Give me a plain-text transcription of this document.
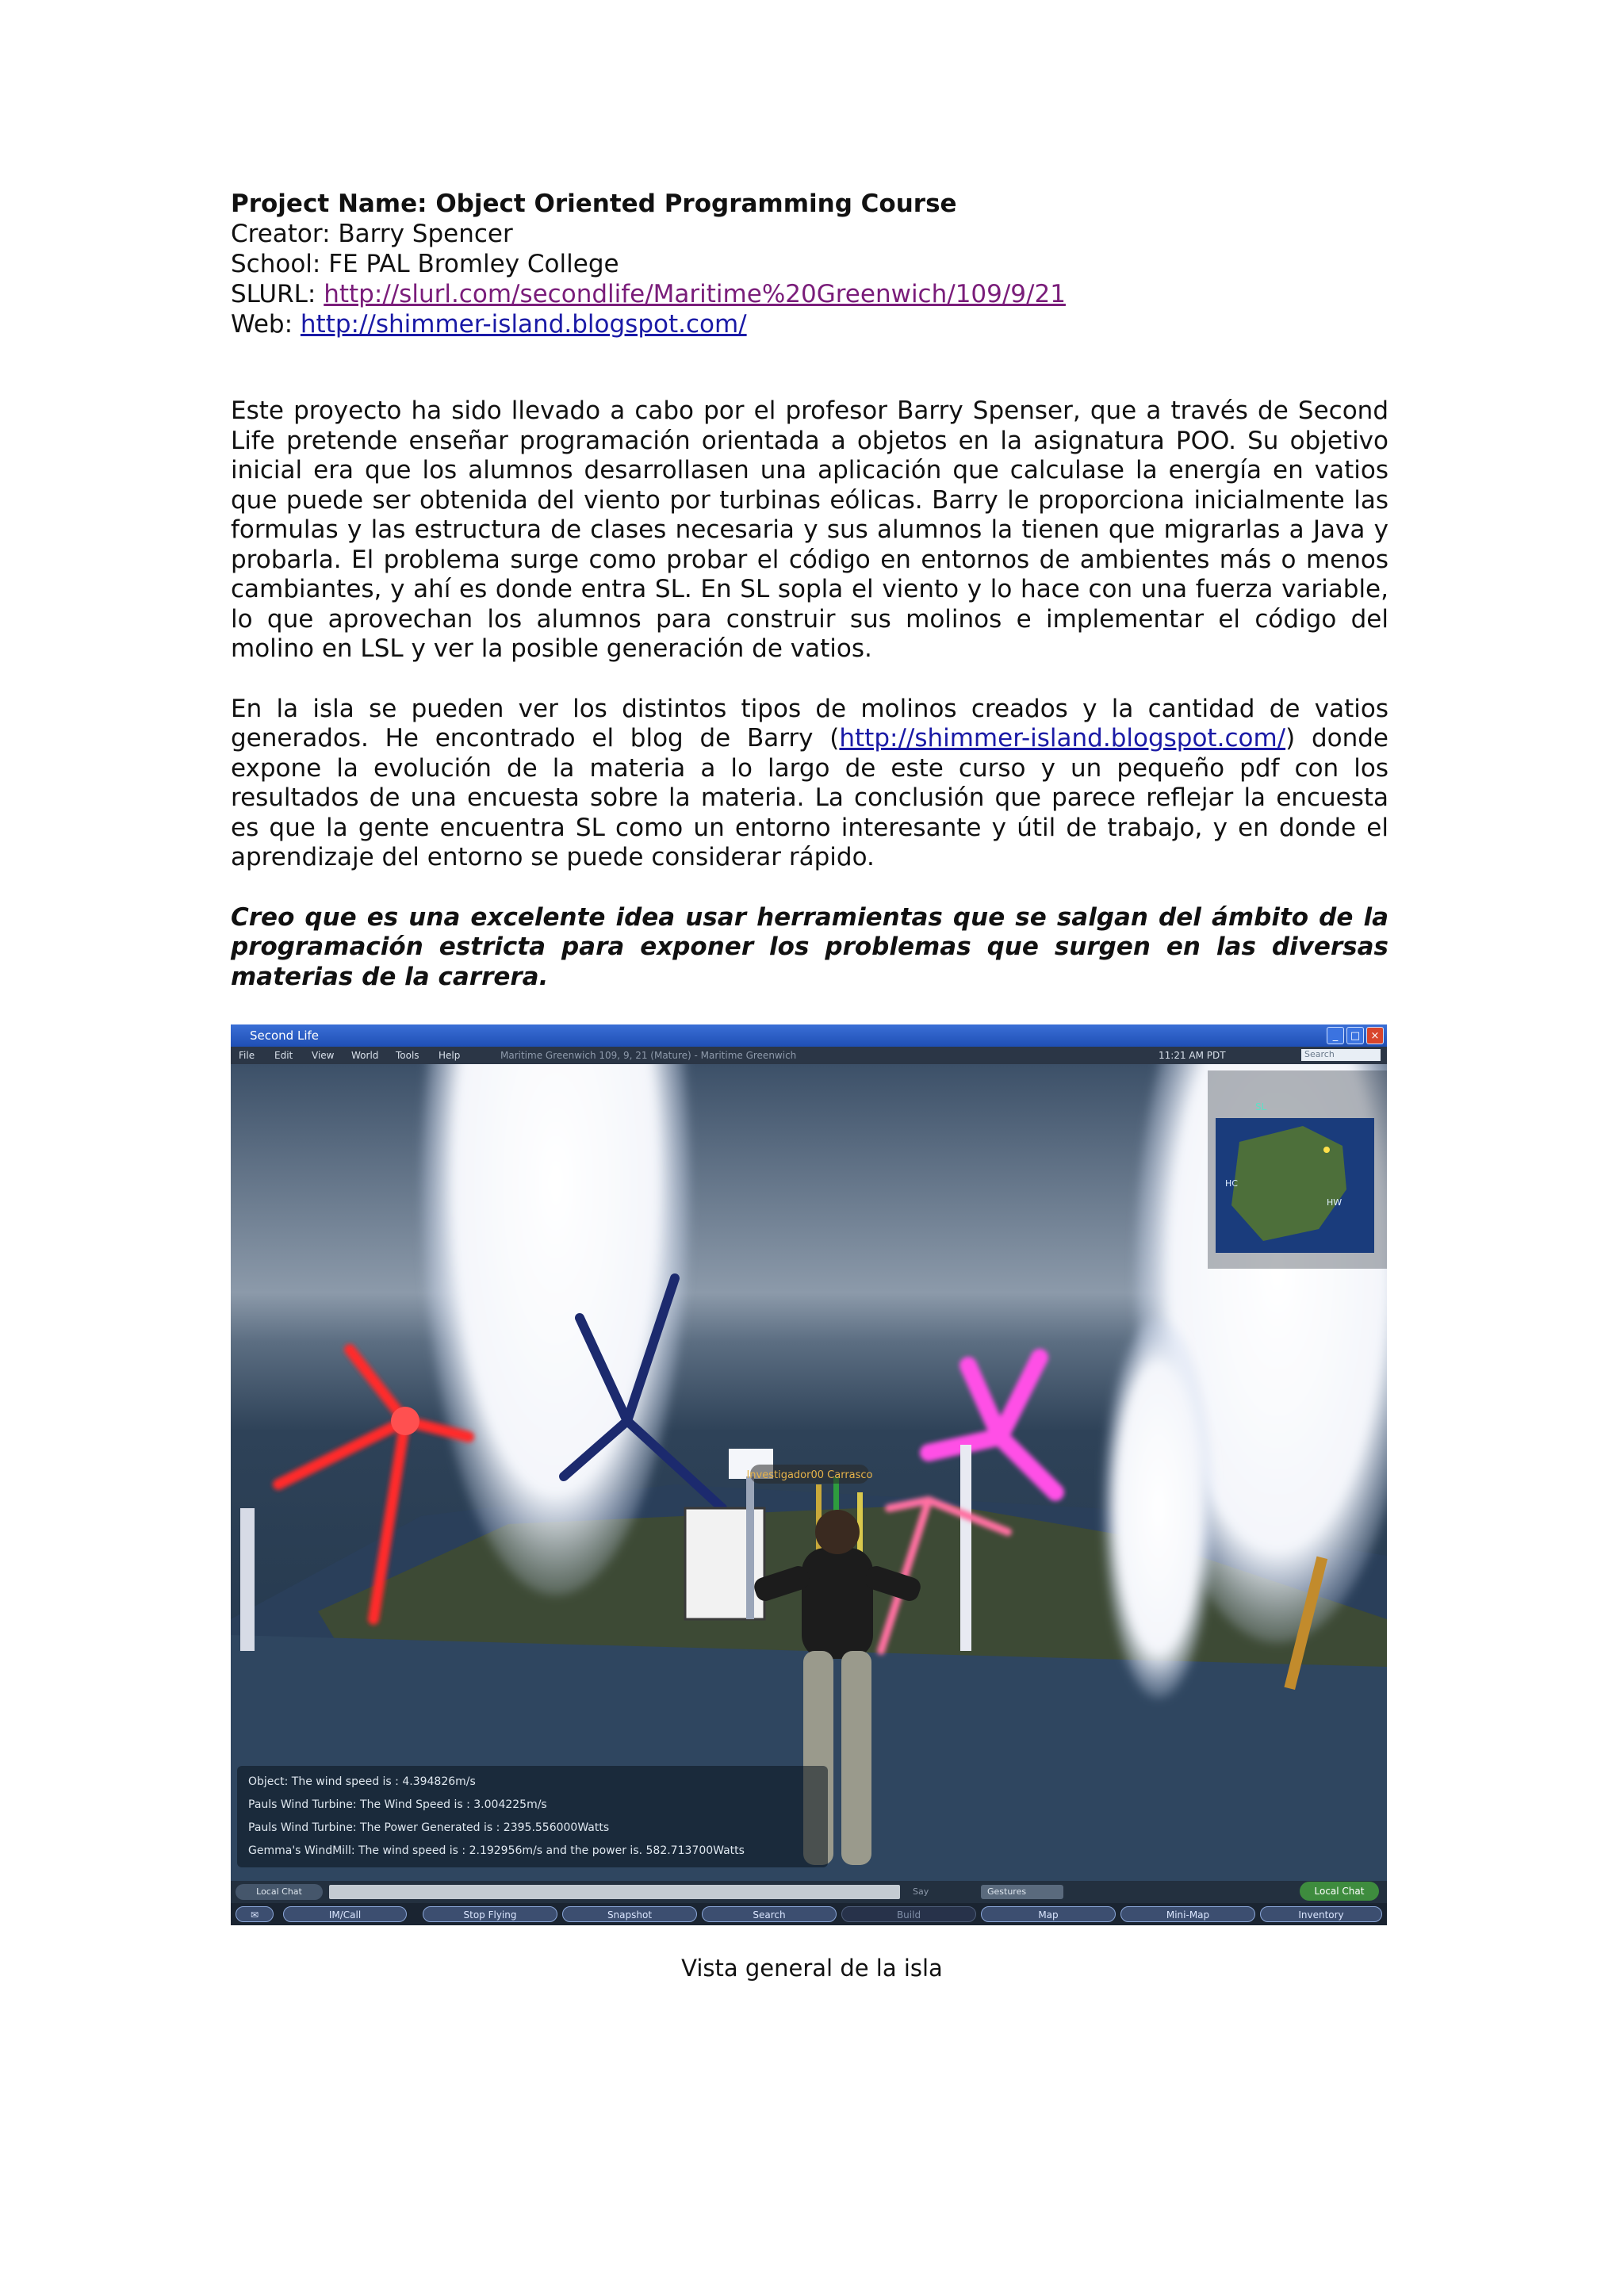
Project Name: Object Oriented Programming Course

Creator: Barry Spencer

School: FE PAL Bromley College

SLURL: http://slurl.com/secondlife/Maritime%20Greenwich/109/9/21

Web: http://shimmer-island.blogspot.com/

Este proyecto ha sido llevado a cabo por el profesor Barry Spenser, que a través de Second Life pretende enseñar programación orientada a objetos en la asignatura POO. Su objetivo inicial era que los alumnos desarrollasen una aplicación que calculase la energía en vatios que puede ser obtenida del viento por turbinas eólicas. Barry le proporciona inicialmente las formulas y las estructura de clases necesaria y sus alumnos la tienen que migrarlas a Java y probarla. El problema surge como probar el código en entornos de ambientes más o menos cambiantes, y ahí es donde entra SL. En SL sopla el viento y lo hace con una fuerza variable, lo que aprovechan los alumnos para construir sus molinos e implementar el código del molino en LSL y ver la posible generación de vatios.

En la isla se pueden ver los distintos tipos de molinos creados y la cantidad de vatios generados. He encontrado el blog de Barry (http://shimmer-island.blogspot.com/) donde expone la evolución de la materia a lo largo de este curso y un pequeño pdf con los resultados de una encuesta sobre la materia. La conclusión que parece reflejar la encuesta es que la gente encuentra SL como un entorno interesante y útil de trabajo, y en donde el aprendizaje del entorno se puede considerar rápido.

Creo que es una excelente idea usar herramientas que se salgan del ámbito de la programación estricta para exponer los problemas que surgen en las diversas materias de la carrera.

Second Life	_	□	×
File Edit View World Tools Help	Maritime Greenwich 109, 9, 21 (Mature) - Maritime Greenwich	11:21 AM PDT	Search
Investigador00 Carrasco
SL
HC
HW
Object: The wind speed is : 4.394826m/s
Pauls Wind Turbine: The Wind Speed is : 3.004225m/s
Pauls Wind Turbine: The Power Generated is : 2395.556000Watts
Gemma's WindMill: The wind speed is : 2.192956m/s and the power is. 582.713700Watts
Local Chat	Say	Gestures	Local Chat
✉	IM/Call	Stop Flying	Snapshot	Search	Build	Map	Mini-Map	Inventory
Vista general de la isla
